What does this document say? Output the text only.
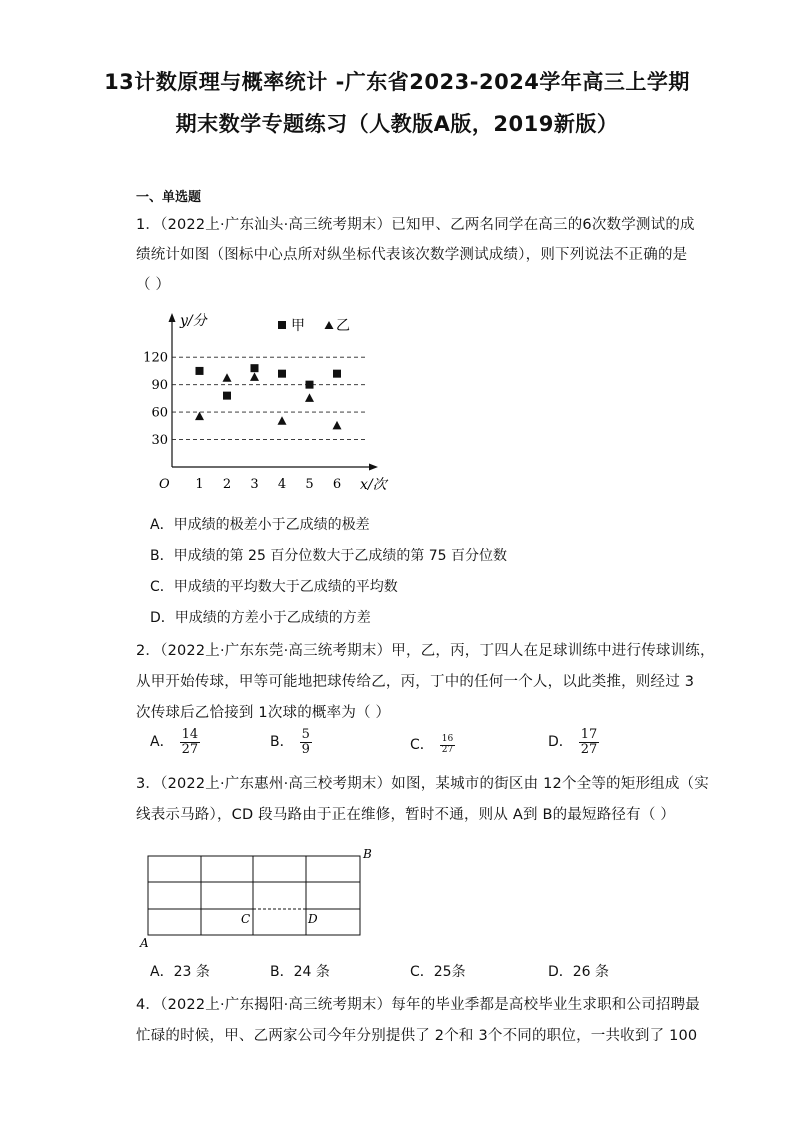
13计数原理与概率统计 -广东省2023-2024学年高三上学期
期末数学专题练习（人教版A版，2019新版）
一、单选题
1．（2022上·广东汕头·高三统考期末）已知甲、乙两名同学在高三的6次数学测试的成
绩统计如图（图标中心点所对纵坐标代表该次数学测试成绩），则下列说法不正确的是
（ ）
30
60
90
120
1 2 3 4 5 6
O
y/分
x/次
甲 乙
A．甲成绩的极差小于乙成绩的极差
B．甲成绩的第 25 百分位数大于乙成绩的第 75 百分位数
C．甲成绩的平均数大于乙成绩的平均数
D．甲成绩的方差小于乙成绩的方差
2．（2022上·广东东莞·高三统考期末）甲，乙，丙，丁四人在足球训练中进行传球训练，
从甲开始传球，甲等可能地把球传给乙，丙，丁中的任何一个人，以此类推，则经过 3
次传球后乙恰接到 1次球的概率为（ ）
A． $\frac{14}{27}$	B． $\frac{5}{9}$	C． $\frac{16}{27}$	D． $\frac{17}{27}$
3．（2022上·广东惠州·高三校考期末）如图，某城市的街区由 12个全等的矩形组成（实
线表示马路），CD 段马路由于正在维修，暂时不通，则从 A到 B的最短路径有（ ）
A
B
C	D
A．23 条	B．24 条	C．25条	D．26 条
4．（2022上·广东揭阳·高三统考期末）每年的毕业季都是高校毕业生求职和公司招聘最
忙碌的时候，甲、乙两家公司今年分别提供了 2个和 3个不同的职位，一共收到了 100
